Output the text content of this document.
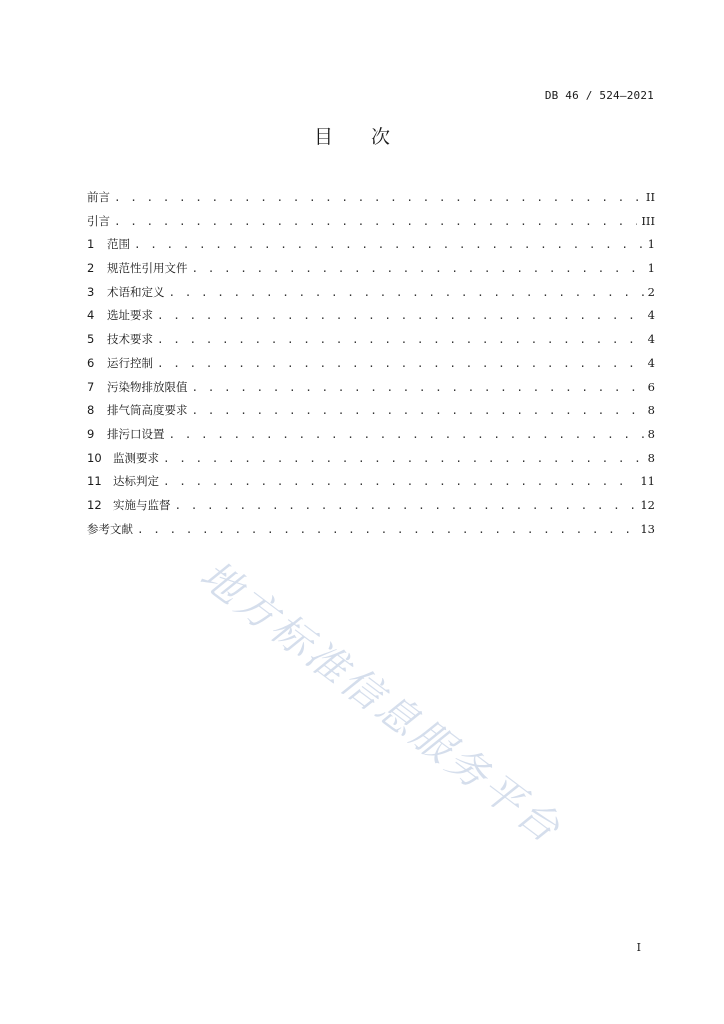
DB 46 / 524—2021
目次
前言 . . .	II
引言 . . .	III
1	范围 . . .	1
2	规范性引用文件 . . .	1
3	术语和定义 . . .	2
4	选址要求 . . .	4
5	技术要求 . . .	4
6	运行控制 . . .	4
7	污染物排放限值 . . .	6
8	排气筒高度要求 . . .	8
9	排污口设置 . . .	8
10 监测要求 . . .	8
11 达标判定 . . .	11
12 实施与监督 . . .	12
参考文献 . . .	13
地方标准信息服务平台
I
